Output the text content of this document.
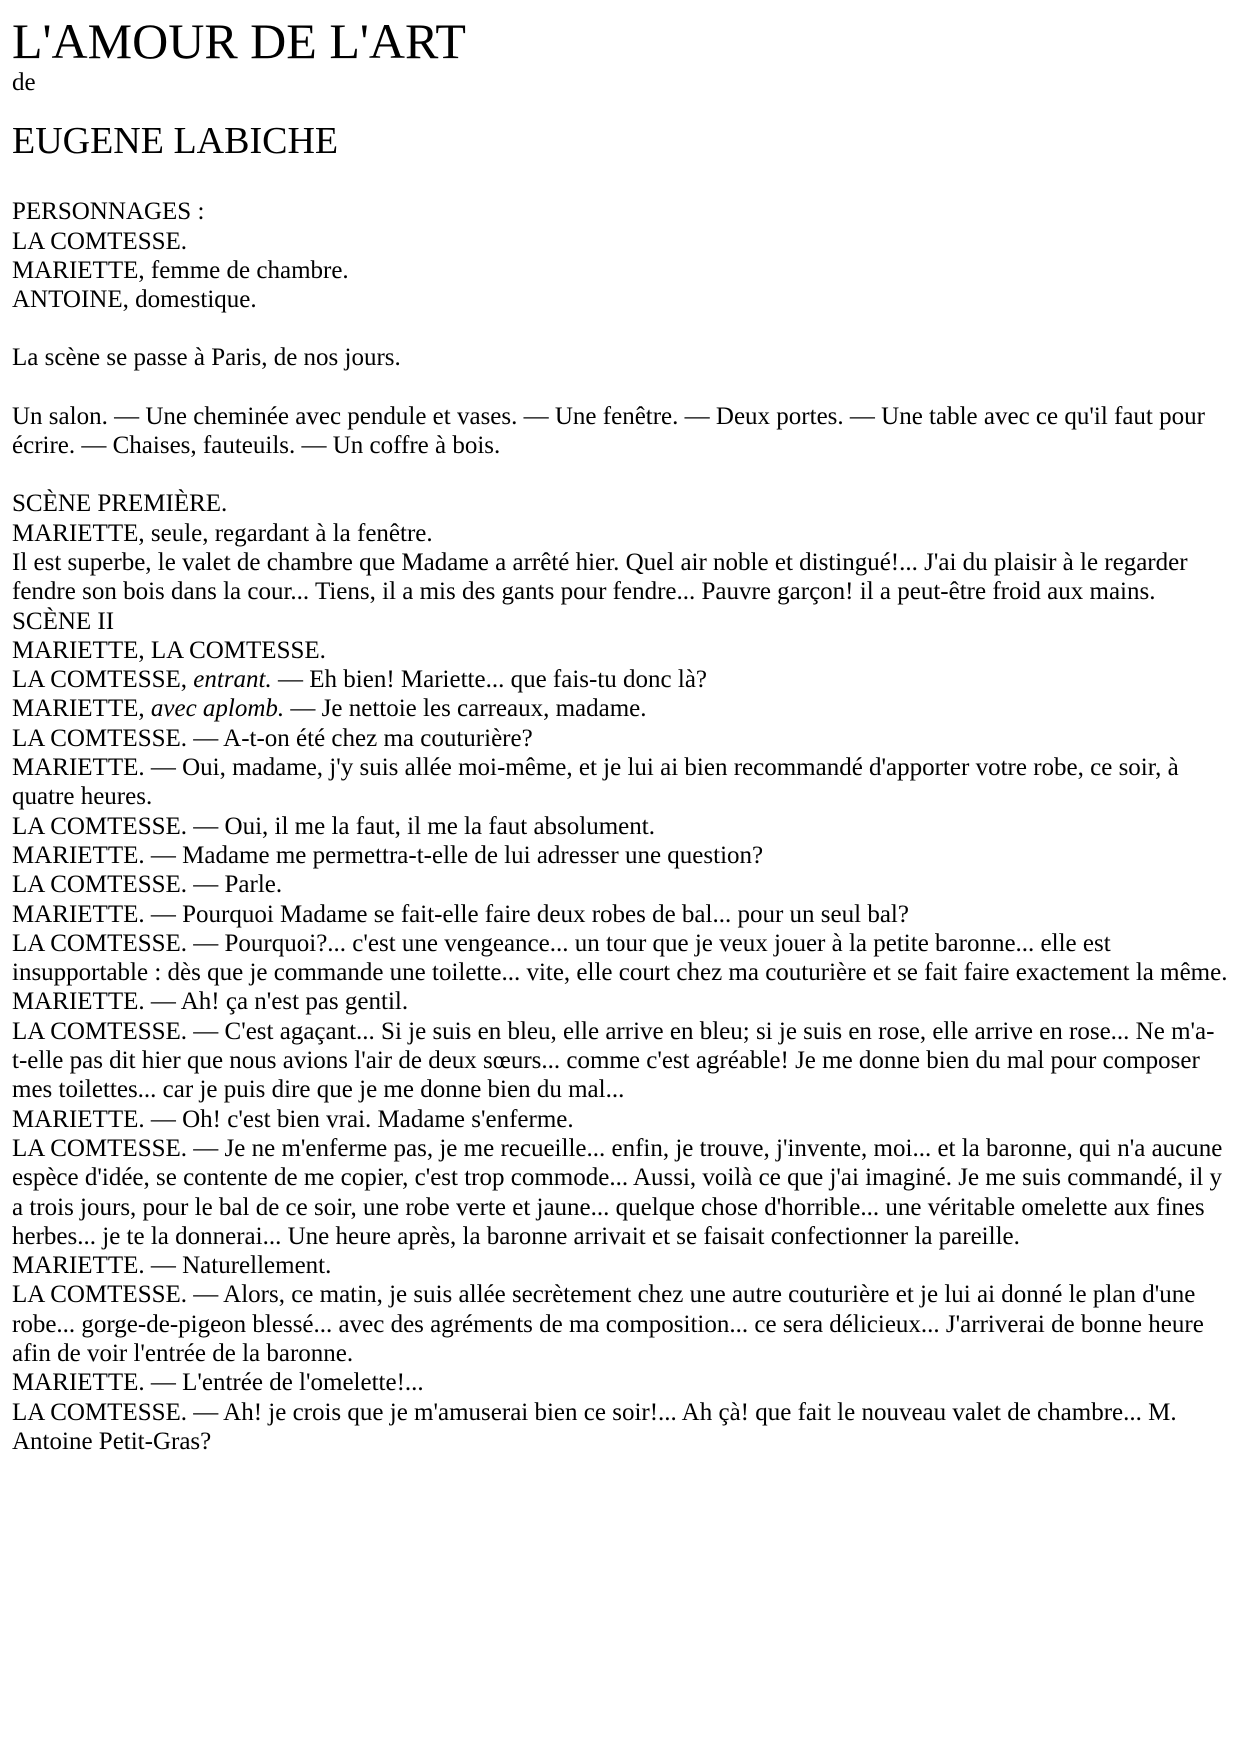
L'AMOUR DE L'ART

de

EUGENE LABICHE

PERSONNAGES :

LA COMTESSE.

MARIETTE, femme de chambre.

ANTOINE, domestique.

La scène se passe à Paris, de nos jours.

Un salon. — Une cheminée avec pendule et vases. — Une fenêtre. — Deux portes. — Une table avec ce qu'il faut pour écrire. — Chaises, fauteuils. — Un coffre à bois.

SCÈNE PREMIÈRE.

MARIETTE, seule, regardant à la fenêtre.

Il est superbe, le valet de chambre que Madame a arrêté hier. Quel air noble et distingué!... J'ai du plaisir à le regarder fendre son bois dans la cour... Tiens, il a mis des gants pour fendre... Pauvre garçon! il a peut-être froid aux mains.

SCÈNE II

MARIETTE, LA COMTESSE.

LA COMTESSE, entrant. — Eh bien! Mariette... que fais-tu donc là?

MARIETTE, avec aplomb. — Je nettoie les carreaux, madame.

LA COMTESSE. — A-t-on été chez ma couturière?

MARIETTE. — Oui, madame, j'y suis allée moi-même, et je lui ai bien recommandé d'apporter votre robe, ce soir, à quatre heures.

LA COMTESSE. — Oui, il me la faut, il me la faut absolument.

MARIETTE. — Madame me permettra-t-elle de lui adresser une question?

LA COMTESSE. — Parle.

MARIETTE. — Pourquoi Madame se fait-elle faire deux robes de bal... pour un seul bal?

LA COMTESSE. — Pourquoi?... c'est une vengeance... un tour que je veux jouer à la petite baronne... elle est insupportable : dès que je commande une toilette... vite, elle court chez ma couturière et se fait faire exactement la même.

MARIETTE. — Ah! ça n'est pas gentil.

LA COMTESSE. — C'est agaçant... Si je suis en bleu, elle arrive en bleu; si je suis en rose, elle arrive en rose... Ne m'a-t-elle pas dit hier que nous avions l'air de deux sœurs... comme c'est agréable! Je me donne bien du mal pour composer mes toilettes... car je puis dire que je me donne bien du mal...

MARIETTE. — Oh! c'est bien vrai. Madame s'enferme.

LA COMTESSE. — Je ne m'enferme pas, je me recueille... enfin, je trouve, j'invente, moi... et la baronne, qui n'a aucune espèce d'idée, se contente de me copier, c'est trop commode... Aussi, voilà ce que j'ai imaginé. Je me suis commandé, il y a trois jours, pour le bal de ce soir, une robe verte et jaune... quelque chose d'horrible... une véritable omelette aux fines herbes... je te la donnerai... Une heure après, la baronne arrivait et se faisait confectionner la pareille.

MARIETTE. — Naturellement.

LA COMTESSE. — Alors, ce matin, je suis allée secrètement chez une autre couturière et je lui ai donné le plan d'une robe... gorge-de-pigeon blessé... avec des agréments de ma composition... ce sera délicieux... J'arriverai de bonne heure afin de voir l'entrée de la baronne.

MARIETTE. — L'entrée de l'omelette!...

LA COMTESSE. — Ah! je crois que je m'amuserai bien ce soir!... Ah çà! que fait le nouveau valet de chambre... M. Antoine Petit-Gras?
